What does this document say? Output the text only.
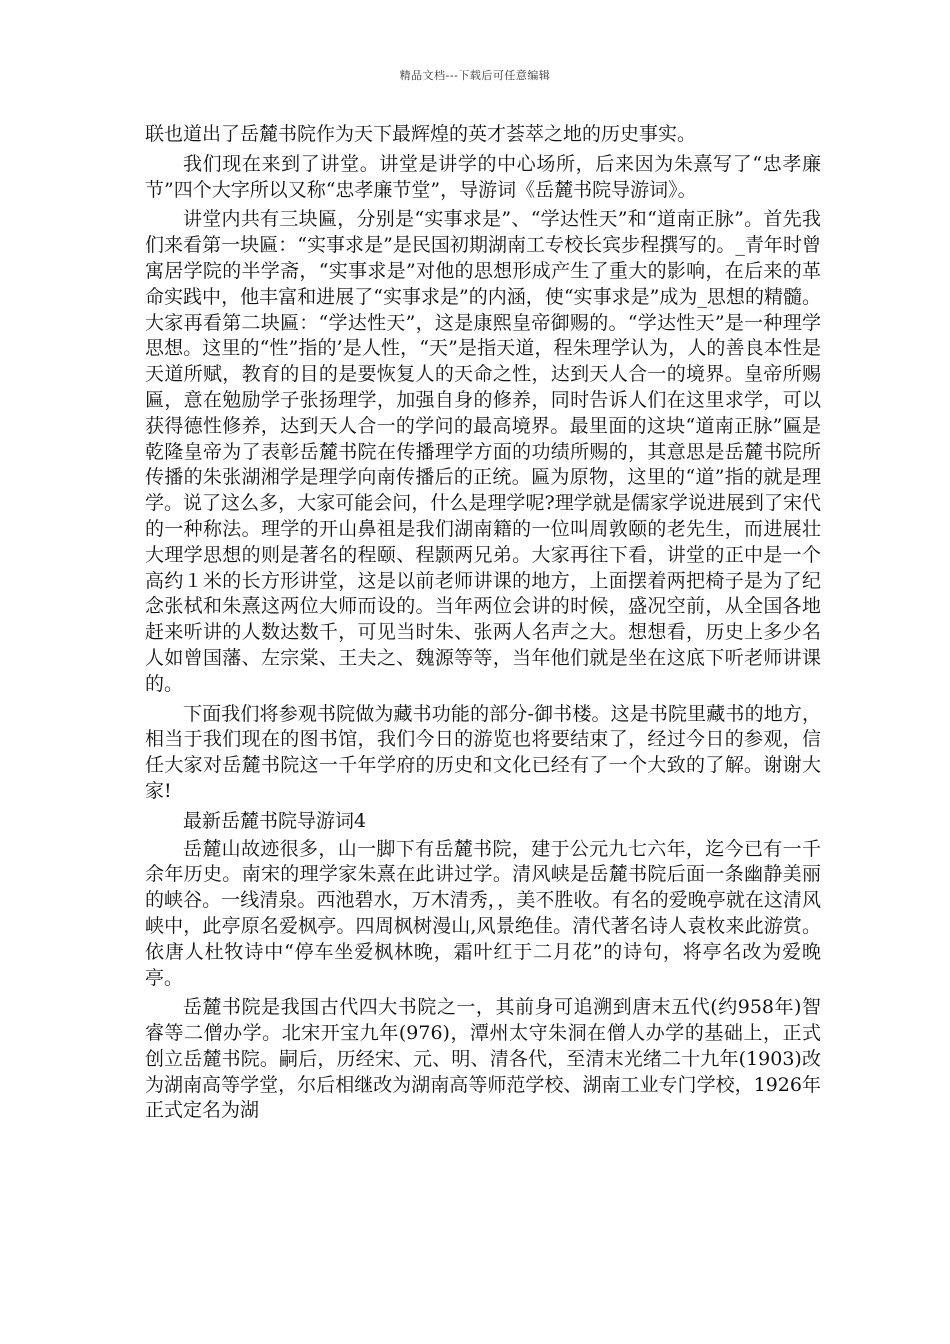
精品文档---下载后可任意编辑

联也道出了岳麓书院作为天下最辉煌的英才荟萃之地的历史事实。

我们现在来到了讲堂。讲堂是讲学的中心场所，后来因为朱熹写了“忠孝廉节”四个大字所以又称“忠孝廉节堂”，导游词《岳麓书院导游词》。

讲堂内共有三块匾，分别是“实事求是”、“学达性天”和“道南正脉”。首先我们来看第一块匾：“实事求是”是民国初期湖南工专校长宾步程撰写的。_青年时曾寓居学院的半学斋，“实事求是”对他的思想形成产生了重大的影响，在后来的革命实践中，他丰富和进展了“实事求是”的内涵，使“实事求是”成为_思想的精髓。大家再看第二块匾：“学达性天”，这是康熙皇帝御赐的。“学达性天”是一种理学思想。这里的“性”指的’是人性，“天”是指天道，程朱理学认为，人的善良本性是天道所赋，教育的目的是要恢复人的天命之性，达到天人合一的境界。皇帝所赐匾，意在勉励学子张扬理学，加强自身的修养，同时告诉人们在这里求学，可以获得德性修养，达到天人合一的学问的最高境界。最里面的这块“道南正脉”匾是乾隆皇帝为了表彰岳麓书院在传播理学方面的功绩所赐的，其意思是岳麓书院所传播的朱张湖湘学是理学向南传播后的正统。匾为原物，这里的“道”指的就是理学。说了这么多，大家可能会问，什么是理学呢?理学就是儒家学说进展到了宋代的一种称法。理学的开山鼻祖是我们湖南籍的一位叫周敦颐的老先生，而进展壮大理学思想的则是著名的程颐、程颢两兄弟。大家再往下看，讲堂的正中是一个高约１米的长方形讲堂，这是以前老师讲课的地方，上面摆着两把椅子是为了纪念张栻和朱熹这两位大师而设的。当年两位会讲的时候，盛况空前，从全国各地赶来听讲的人数达数千，可见当时朱、张两人名声之大。想想看，历史上多少名人如曾国藩、左宗棠、王夫之、魏源等等，当年他们就是坐在这底下听老师讲课的。

下面我们将参观书院做为藏书功能的部分-御书楼。这是书院里藏书的地方，相当于我们现在的图书馆，我们今日的游览也将要结束了，经过今日的参观，信任大家对岳麓书院这一千年学府的历史和文化已经有了一个大致的了解。谢谢大家!

最新岳麓书院导游词4

岳麓山故迹很多，山一脚下有岳麓书院，建于公元九七六年，迄今已有一千余年历史。南宋的理学家朱熹在此讲过学。清风峡是岳麓书院后面一条幽静美丽的峡谷。一线清泉。西池碧水，万木清秀，，美不胜收。有名的爱晚亭就在这清风峡中，此亭原名爱枫亭。四周枫树漫山,风景绝佳。清代著名诗人袁枚来此游赏。依唐人杜牧诗中“停车坐爱枫林晚，霜叶红于二月花”的诗句，将亭名改为爱晚亭。

岳麓书院是我国古代四大书院之一，其前身可追溯到唐末五代(约958年)智睿等二僧办学。北宋开宝九年(976)，潭州太守朱洞在僧人办学的基础上，正式创立岳麓书院。嗣后，历经宋、元、明、清各代，至清末光绪二十九年(1903)改为湖南高等学堂，尔后相继改为湖南高等师范学校、湖南工业专门学校，1926年正式定名为湖
